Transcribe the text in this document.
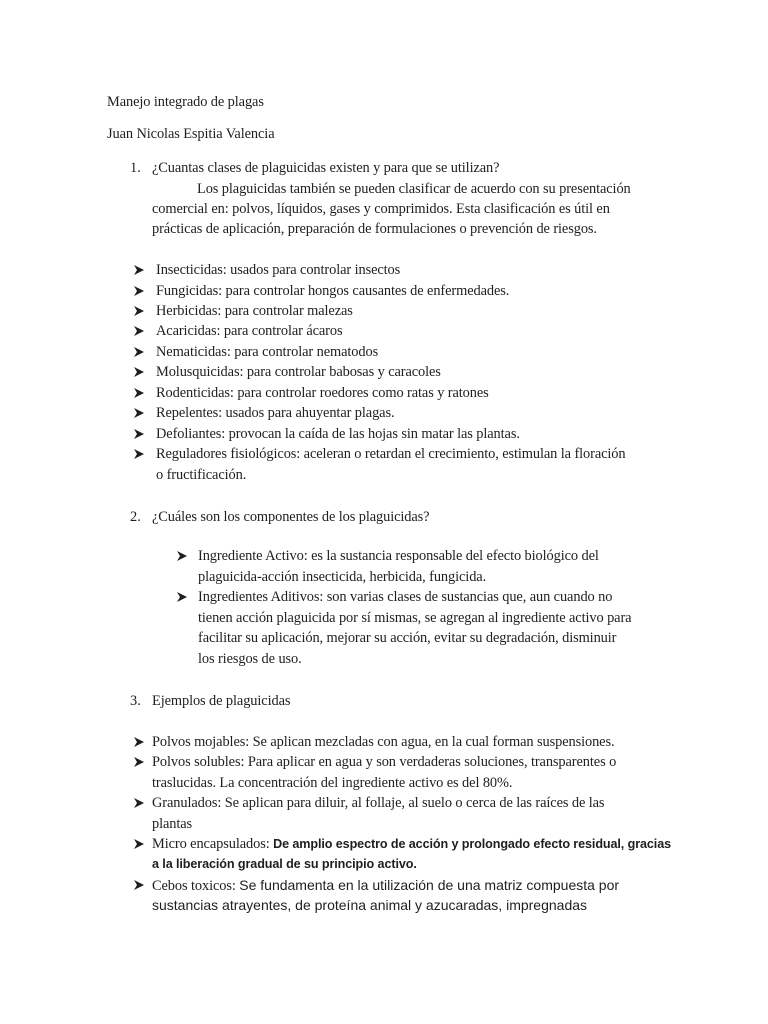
Manejo integrado de plagas
Juan Nicolas Espitia Valencia
1. ¿Cuantas clases de plaguicidas existen y para que se utilizan?
Los plaguicidas también se pueden clasificar de acuerdo con su presentación
comercial en: polvos, líquidos, gases y comprimidos. Esta clasificación es útil en
prácticas de aplicación, preparación de formulaciones o prevención de riesgos.
Insecticidas: usados para controlar insectos
Fungicidas: para controlar hongos causantes de enfermedades.
Herbicidas: para controlar malezas
Acaricidas: para controlar ácaros
Nematicidas: para controlar nematodos
Molusquicidas: para controlar babosas y caracoles
Rodenticidas: para controlar roedores como ratas y ratones
Repelentes: usados para ahuyentar plagas.
Defoliantes: provocan la caída de las hojas sin matar las plantas.
Reguladores fisiológicos: aceleran o retardan el crecimiento, estimulan la floración
o fructificación.
2. ¿Cuáles son los componentes de los plaguicidas?
Ingrediente Activo: es la sustancia responsable del efecto biológico del
plaguicida-acción insecticida, herbicida, fungicida.
Ingredientes Aditivos: son varias clases de sustancias que, aun cuando no
tienen acción plaguicida por sí mismas, se agregan al ingrediente activo para
facilitar su aplicación, mejorar su acción, evitar su degradación, disminuir
los riesgos de uso.
3. Ejemplos de plaguicidas
Polvos mojables: Se aplican mezcladas con agua, en la cual forman suspensiones.
Polvos solubles: Para aplicar en agua y son verdaderas soluciones, transparentes o
traslucidas. La concentración del ingrediente activo es del 80%.
Granulados: Se aplican para diluir, al follaje, al suelo o cerca de las raíces de las
plantas
Micro encapsulados: De amplio espectro de acción y prolongado efecto residual, gracias
a la liberación gradual de su principio activo.
Cebos toxicos: Se fundamenta en la utilización de una matriz compuesta por
sustancias atrayentes, de proteína animal y azucaradas, impregnadas
